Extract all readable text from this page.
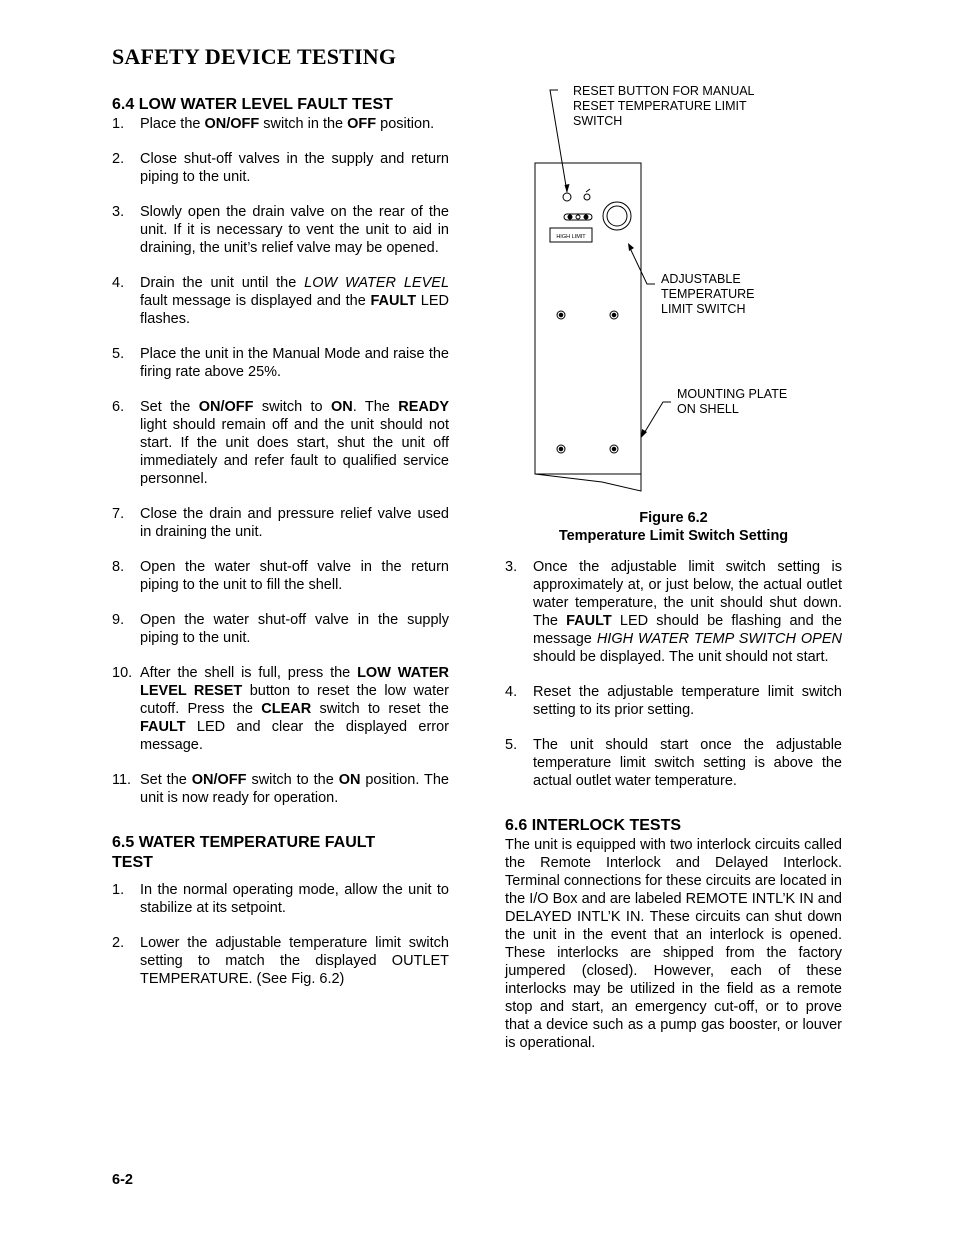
SAFETY DEVICE TESTING
6.4 LOW WATER LEVEL FAULT TEST
1. Place the ON/OFF switch in the OFF position.
2. Close shut-off valves in the supply and return piping to the unit.
3. Slowly open the drain valve on the rear of the unit. If it is necessary to vent the unit to aid in draining, the unit’s relief valve may be opened.
4. Drain the unit until the LOW WATER LEVEL fault message is displayed and the FAULT LED flashes.
5. Place the unit in the Manual Mode and raise the firing rate above 25%.
6. Set the ON/OFF switch to ON. The READY light should remain off and the unit should not start. If the unit does start, shut the unit off immediately and refer fault to qualified service personnel.
7. Close the drain and pressure relief valve used in draining the unit.
8. Open the water shut-off valve in the return piping to the unit to fill the shell.
9. Open the water shut-off valve in the supply piping to the unit.
10. After the shell is full, press the LOW WATER LEVEL RESET button to reset the low water cutoff. Press the CLEAR switch to reset the FAULT LED and clear the displayed error message.
11. Set the ON/OFF switch to the ON position. The unit is now ready for operation.
6.5 WATER TEMPERATURE FAULT TEST
1. In the normal operating mode, allow the unit to stabilize at its setpoint.
2. Lower the adjustable temperature limit switch setting to match the displayed OUTLET TEMPERATURE. (See Fig. 6.2)
HIGH LIMIT
RESET BUTTON FOR MANUAL
RESET TEMPERATURE LIMIT
SWITCH
ADJUSTABLE
TEMPERATURE
LIMIT SWITCH
MOUNTING PLATE
ON SHELL
Figure 6.2
Temperature Limit Switch Setting
3. Once the adjustable limit switch setting is approximately at, or just below, the actual outlet water temperature, the unit should shut down. The FAULT LED should be flashing and the message HIGH WATER TEMP SWITCH OPEN should be displayed. The unit should not start.
4. Reset the adjustable temperature limit switch setting to its prior setting.
5. The unit should start once the adjustable temperature limit switch setting is above the actual outlet water temperature.
6.6 INTERLOCK TESTS

The unit is equipped with two interlock circuits called the Remote Interlock and Delayed Interlock. Terminal connections for these circuits are located in the I/O Box and are labeled REMOTE INTL’K IN and DELAYED INTL’K IN. These circuits can shut down the unit in the event that an interlock is opened. These interlocks are shipped from the factory jumpered (closed). However, each of these interlocks may be utilized in the field as a remote stop and start, an emergency cut-off, or to prove that a device such as a pump gas booster, or louver is operational.

6-2
